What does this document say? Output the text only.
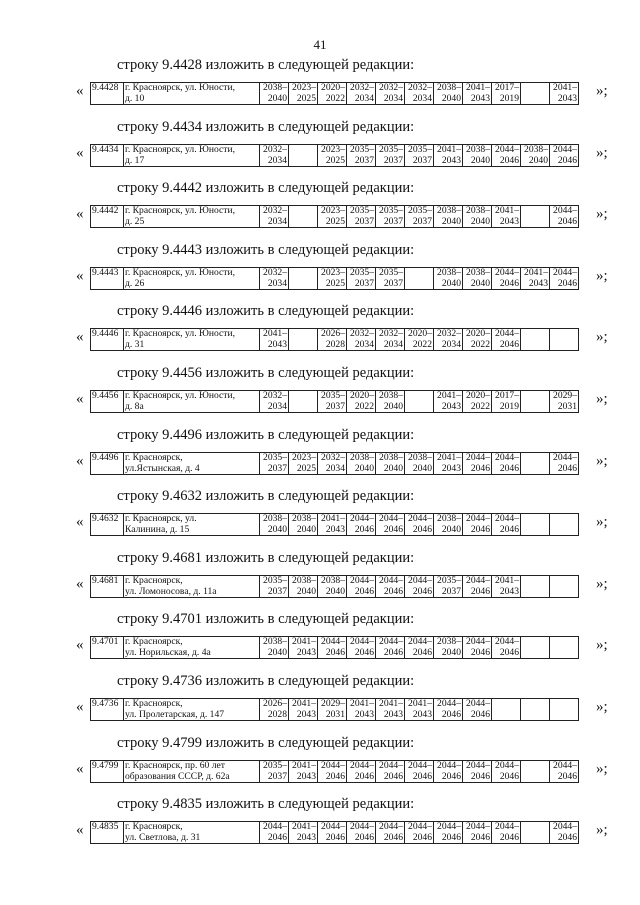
41
строку 9.4428 изложить в следующей редакции:
« 9.4428	г. Красноярск, ул. Юности,
д. 10
	2038–
2040	2023–
2025	2020–
2022	2032–
2034	2032–
2034	2032–
2034	2038–
2040	2041–
2043	2017–
2019		2041–
2043 »;
строку 9.4434 изложить в следующей редакции:
« 9.4434	г. Красноярск, ул. Юности,
д. 17
	2032–
2034		2023–
2025	2035–
2037	2035–
2037	2035–
2037	2041–
2043	2038–
2040	2044–
2046	2038–
2040	2044–
2046 »;
строку 9.4442 изложить в следующей редакции:
« 9.4442	г. Красноярск, ул. Юности,
д. 25
	2032–
2034		2023–
2025	2035–
2037	2035–
2037	2035–
2037	2038–
2040	2038–
2040	2041–
2043		2044–
2046 »;
строку 9.4443 изложить в следующей редакции:
« 9.4443	г. Красноярск, ул. Юности,
д. 26
	2032–
2034		2023–
2025	2035–
2037	2035–
2037		2038–
2040	2038–
2040	2044–
2046	2041–
2043	2044–
2046 »;
строку 9.4446 изложить в следующей редакции:
« 9.4446	г. Красноярск, ул. Юности,
д. 31
	2041–
2043		2026–
2028	2032–
2034	2032–
2034	2020–
2022	2032–
2034	2020–
2022	2044–
2046			»;
строку 9.4456 изложить в следующей редакции:
« 9.4456	г. Красноярск, ул. Юности,
д. 8а
	2032–
2034		2035–
2037	2020–
2022	2038–
2040		2041–
2043	2020–
2022	2017–
2019		2029–
2031 »;
строку 9.4496 изложить в следующей редакции:
« 9.4496	г. Красноярск,
ул.Ястынская, д. 4
	2035–
2037	2023–
2025	2032–
2034	2038–
2040	2038–
2040	2038–
2040	2041–
2043	2044–
2046	2044–
2046		2044–
2046 »;
строку 9.4632 изложить в следующей редакции:
« 9.4632	г. Красноярск, ул.
Калинина, д. 15
	2038–
2040	2038–
2040	2041–
2043	2044–
2046	2044–
2046	2044–
2046	2038–
2040	2044–
2046	2044–
2046			»;
строку 9.4681 изложить в следующей редакции:
« 9.4681	г. Красноярск,
ул. Ломоносова, д. 11а
	2035–
2037	2038–
2040	2038–
2040	2044–
2046	2044–
2046	2044–
2046	2035–
2037	2044–
2046	2041–
2043			»;
строку 9.4701 изложить в следующей редакции:
« 9.4701	г. Красноярск,
ул. Норильская, д. 4а
	2038–
2040	2041–
2043	2044–
2046	2044–
2046	2044–
2046	2044–
2046	2038–
2040	2044–
2046	2044–
2046			»;
строку 9.4736 изложить в следующей редакции:
« 9.4736	г. Красноярск,
ул. Пролетарская, д. 147
	2026–
2028	2041–
2043	2029–
2031	2041–
2043	2041–
2043	2041–
2043	2044–
2046	2044–
2046				»;
строку 9.4799 изложить в следующей редакции:
« 9.4799	г. Красноярск, пр. 60 лет
образования СССР, д. 62а
	2035–
2037	2041–
2043	2044–
2046	2044–
2046	2044–
2046	2044–
2046	2044–
2046	2044–
2046	2044–
2046		2044–
2046 »;
строку 9.4835 изложить в следующей редакции:
« 9.4835	г. Красноярск,
ул. Светлова, д. 31
	2044–
2046	2041–
2043	2044–
2046	2044–
2046	2044–
2046	2044–
2046	2044–
2046	2044–
2046	2044–
2046		2044–
2046 »;
